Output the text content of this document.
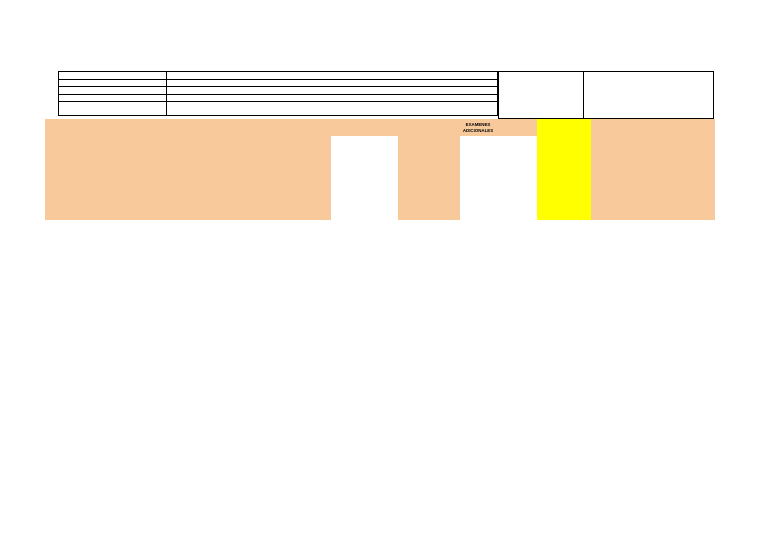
EXAMENES
ADICIONALES
